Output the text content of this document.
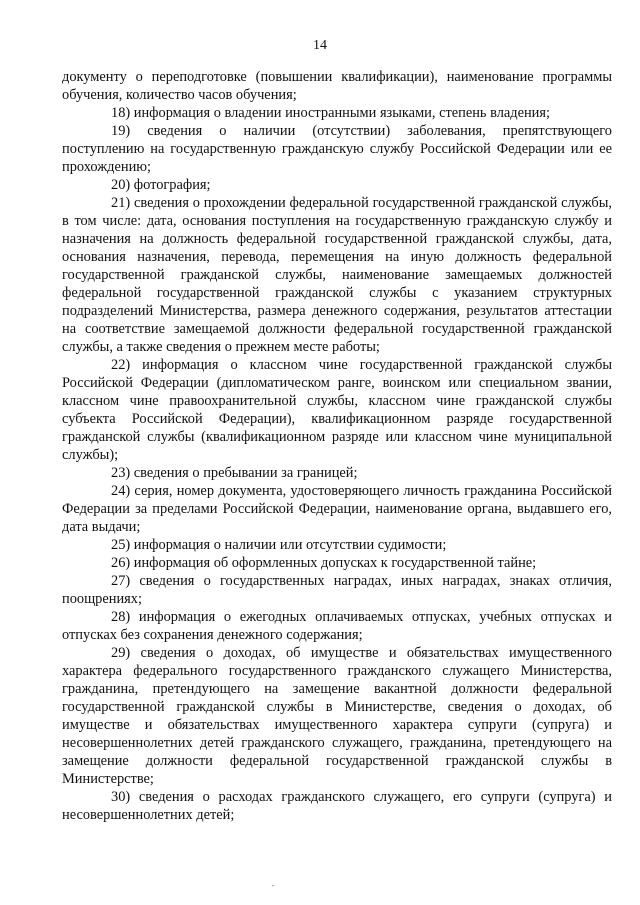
14

документу о переподготовке (повышении квалификации), наименование программы обучения, количество часов обучения;

18) информация о владении иностранными языками, степень владения;

19) сведения о наличии (отсутствии) заболевания, препятствующего поступлению на государственную гражданскую службу Российской Федерации или ее прохождению;

20) фотография;

21) сведения о прохождении федеральной государственной гражданской службы, в том числе: дата, основания поступления на государственную гражданскую службу и назначения на должность федеральной государственной гражданской службы, дата, основания назначения, перевода, перемещения на иную должность федеральной государственной гражданской службы, наименование замещаемых должностей федеральной государственной гражданской службы с указанием структурных подразделений Министерства, размера денежного содержания, результатов аттестации на соответствие замещаемой должности федеральной государственной гражданской службы, а также сведения о прежнем месте работы;

22) информация о классном чине государственной гражданской службы Российской Федерации (дипломатическом ранге, воинском или специальном звании, классном чине правоохранительной службы, классном чине гражданской службы субъекта Российской Федерации), квалификационном разряде государственной гражданской службы (квалификационном разряде или классном чине муниципальной службы);

23) сведения о пребывании за границей;

24) серия, номер документа, удостоверяющего личность гражданина Российской Федерации за пределами Российской Федерации, наименование органа, выдавшего его, дата выдачи;

25) информация о наличии или отсутствии судимости;

26) информация об оформленных допусках к государственной тайне;

27) сведения о государственных наградах, иных наградах, знаках отличия, поощрениях;

28) информация о ежегодных оплачиваемых отпусках, учебных отпусках и отпусках без сохранения денежного содержания;

29) сведения о доходах, об имуществе и обязательствах имущественного характера федерального государственного гражданского служащего Министерства, гражданина, претендующего на замещение вакантной должности федеральной государственной гражданской службы в Министерстве, сведения о доходах, об имуществе и обязательствах имущественного характера супруги (супруга) и несовершеннолетних детей гражданского служащего, гражданина, претендующего на замещение должности федеральной государственной гражданской службы в Министерстве;

30) сведения о расходах гражданского служащего, его супруги (супруга) и несовершеннолетних детей;

-
